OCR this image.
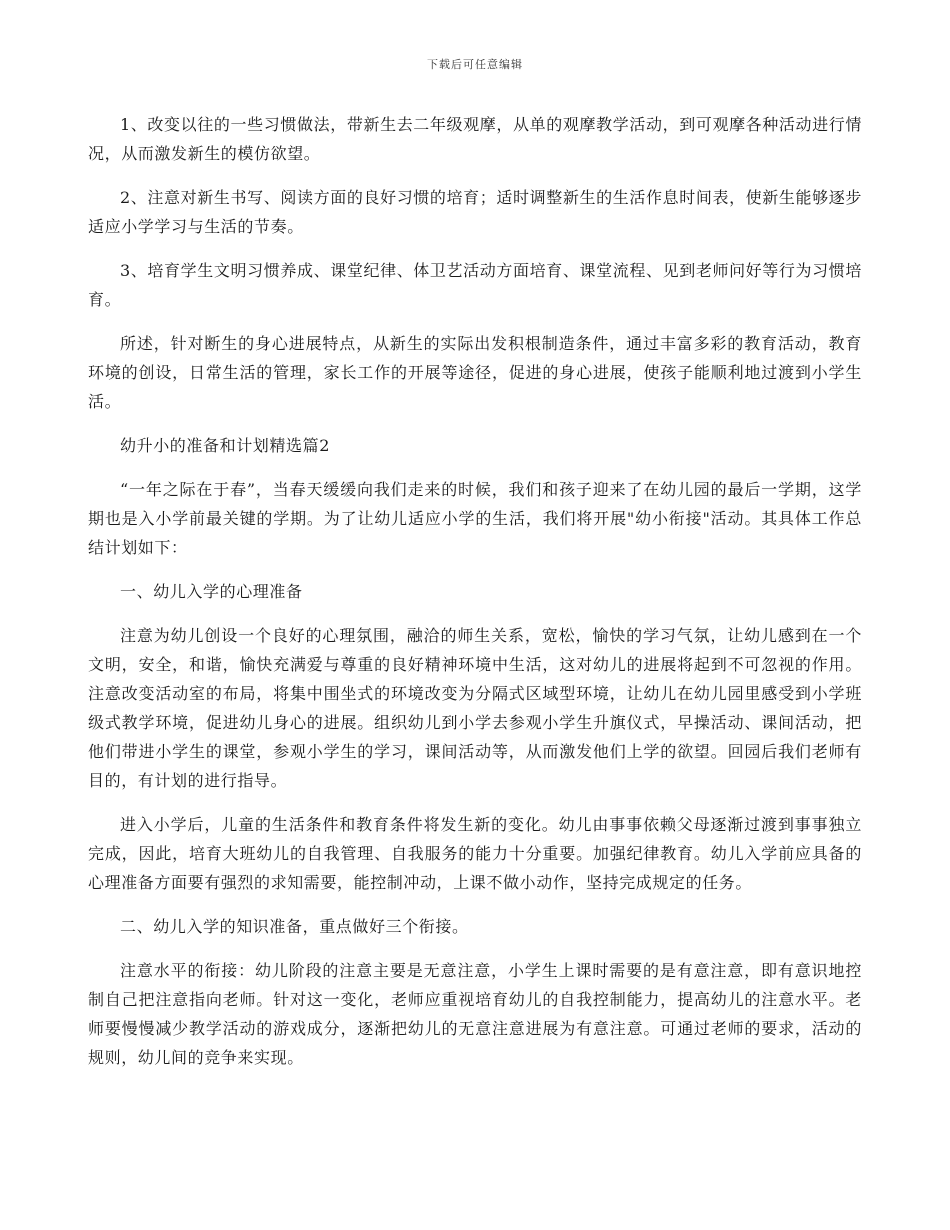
下载后可任意编辑

1、改变以往的一些习惯做法，带新生去二年级观摩，从单的观摩教学活动，到可观摩各种活动进行情况，从而激发新生的模仿欲望。

2、注意对新生书写、阅读方面的良好习惯的培育；适时调整新生的生活作息时间表，使新生能够逐步适应小学学习与生活的节奏。

3、培育学生文明习惯养成、课堂纪律、体卫艺活动方面培育、课堂流程、见到老师问好等行为习惯培育。

所述，针对断生的身心进展特点，从新生的实际出发积根制造条件，通过丰富多彩的教育活动，教育环境的创设，日常生活的管理，家长工作的开展等途径，促进的身心进展，使孩子能顺利地过渡到小学生活。

幼升小的准备和计划精选篇2

“一年之际在于春”，当春天缓缓向我们走来的时候，我们和孩子迎来了在幼儿园的最后一学期，这学期也是入小学前最关键的学期。为了让幼儿适应小学的生活，我们将开展"幼小衔接"活动。其具体工作总结计划如下：

一、幼儿入学的心理准备

注意为幼儿创设一个良好的心理氛围，融洽的师生关系，宽松，愉快的学习气氛，让幼儿感到在一个文明，安全，和谐，愉快充满爱与尊重的良好精神环境中生活，这对幼儿的进展将起到不可忽视的作用。注意改变活动室的布局，将集中围坐式的环境改变为分隔式区域型环境，让幼儿在幼儿园里感受到小学班级式教学环境，促进幼儿身心的进展。组织幼儿到小学去参观小学生升旗仪式，早操活动、课间活动，把他们带进小学生的课堂，参观小学生的学习，课间活动等，从而激发他们上学的欲望。回园后我们老师有目的，有计划的进行指导。

进入小学后，儿童的生活条件和教育条件将发生新的变化。幼儿由事事依赖父母逐渐过渡到事事独立完成，因此，培育大班幼儿的自我管理、自我服务的能力十分重要。加强纪律教育。幼儿入学前应具备的心理准备方面要有强烈的求知需要，能控制冲动，上课不做小动作，坚持完成规定的任务。

二、幼儿入学的知识准备，重点做好三个衔接。

注意水平的衔接：幼儿阶段的注意主要是无意注意，小学生上课时需要的是有意注意，即有意识地控制自己把注意指向老师。针对这一变化，老师应重视培育幼儿的自我控制能力，提高幼儿的注意水平。老师要慢慢减少教学活动的游戏成分，逐渐把幼儿的无意注意进展为有意注意。可通过老师的要求，活动的规则，幼儿间的竞争来实现。
